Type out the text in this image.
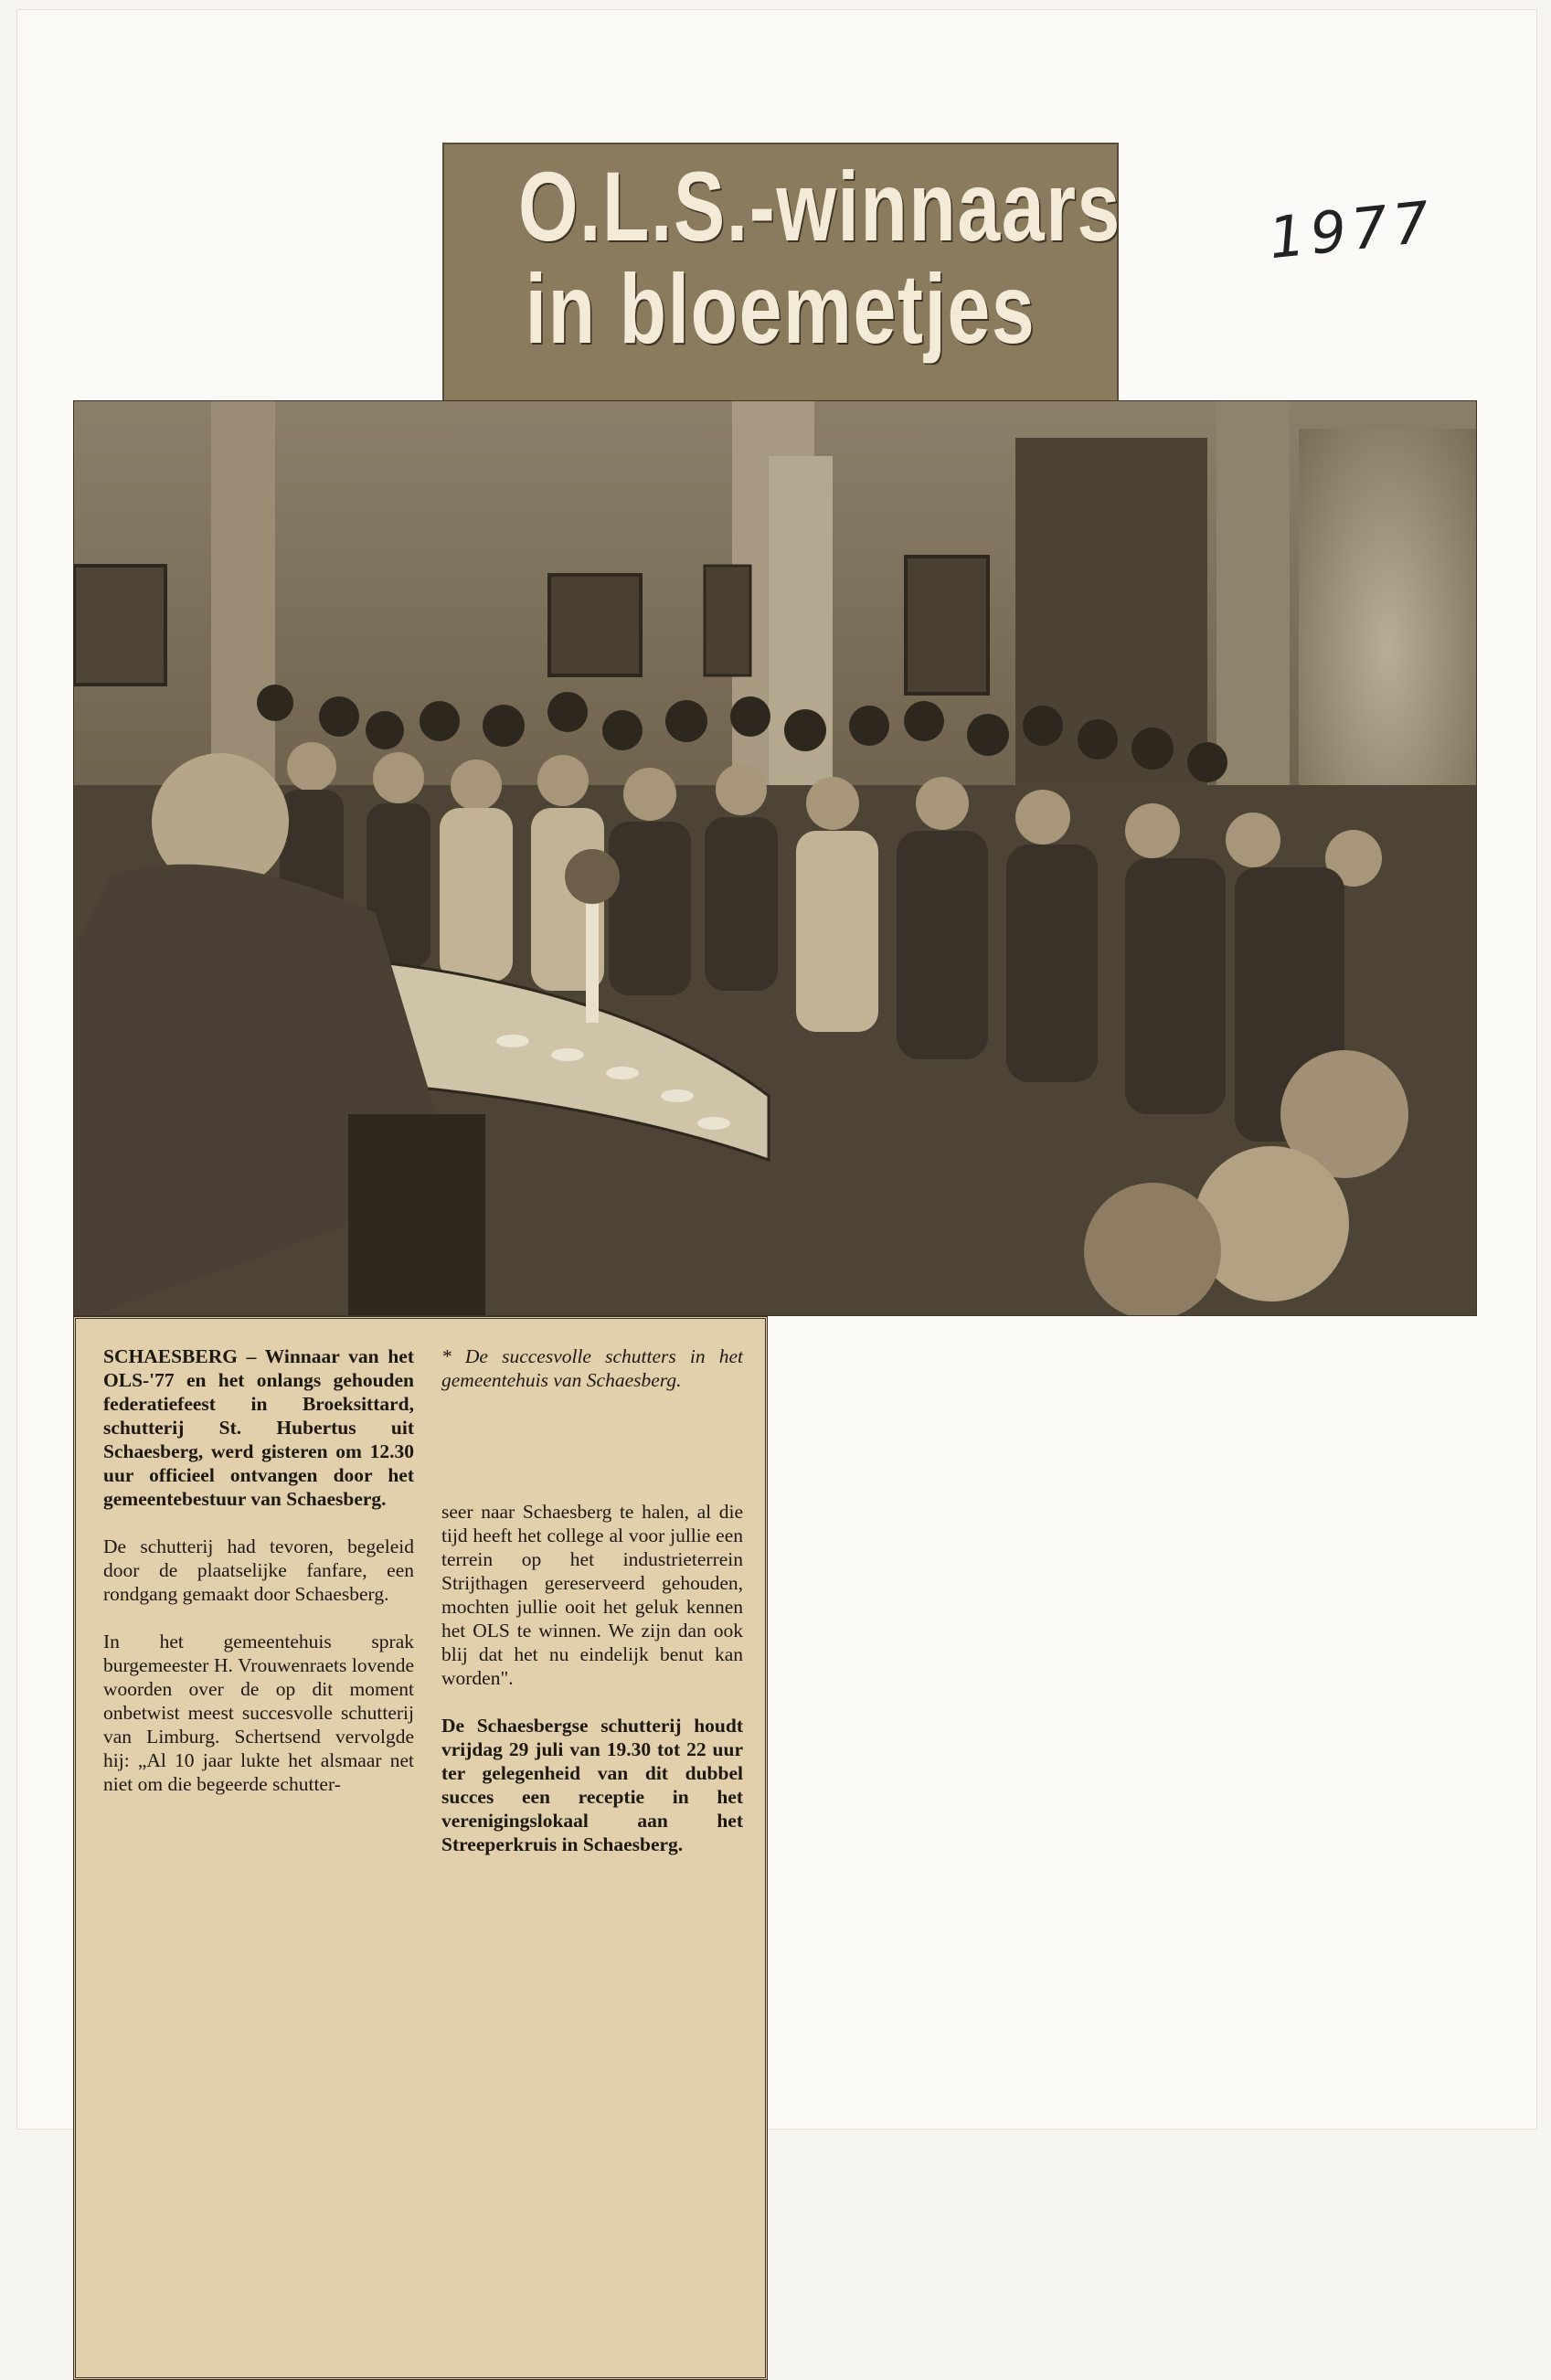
O.L.S.-winnaars
in bloemetjes
1977

SCHAESBERG – Winnaar van het OLS-'77 en het onlangs gehouden federatiefeest in Broeksittard, schutterij St. Hubertus uit Schaesberg, werd gisteren om 12.30 uur officieel ontvangen door het gemeentebestuur van Schaesberg.

De schutterij had tevoren, begeleid door de plaatselijke fanfare, een rondgang gemaakt door Schaesberg.

In het gemeentehuis sprak burgemeester H. Vrouwenraets lovende woorden over de op dit moment onbetwist meest succesvolle schutterij van Limburg. Schertsend vervolgde hij: „Al 10 jaar lukte het alsmaar net niet om die begeerde schutter-

* De succesvolle schutters in het gemeentehuis van Schaesberg.

seer naar Schaesberg te halen, al die tijd heeft het college al voor jullie een terrein op het industrieterrein Strijthagen gereserveerd gehouden, mochten jullie ooit het geluk kennen het OLS te winnen. We zijn dan ook blij dat het nu eindelijk benut kan worden".

De Schaesbergse schutterij houdt vrijdag 29 juli van 19.30 tot 22 uur ter gelegenheid van dit dubbel succes een receptie in het verenigingslokaal aan het Streeperkruis in Schaesberg.
